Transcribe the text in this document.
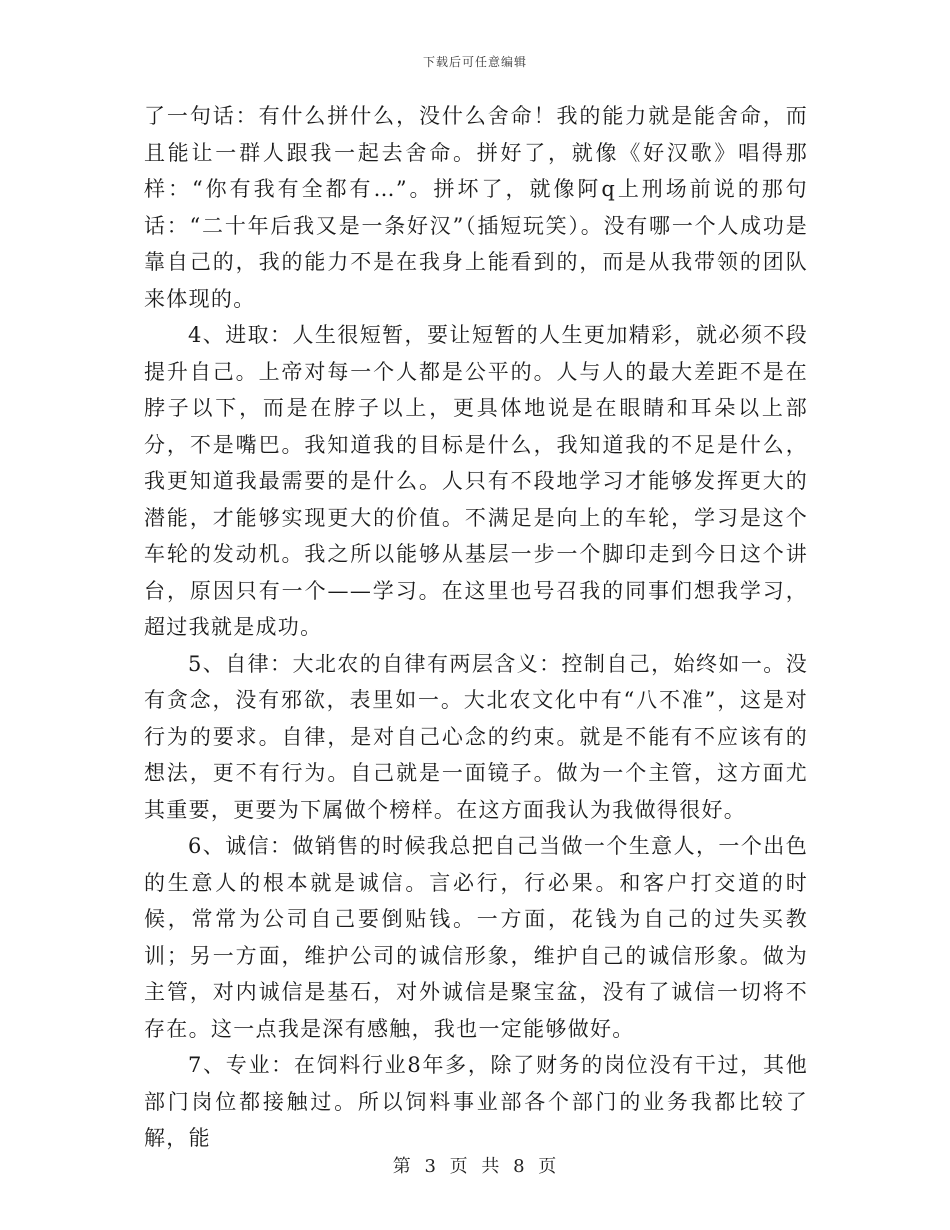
下载后可任意编辑

了一句话：有什么拼什么，没什么舍命！我的能力就是能舍命，而且能让一群人跟我一起去舍命。拼好了，就像《好汉歌》唱得那样：“你有我有全都有…”。拼坏了，就像阿q上刑场前说的那句话：“二十年后我又是一条好汉”（插短玩笑）。没有哪一个人成功是靠自己的，我的能力不是在我身上能看到的，而是从我带领的团队来体现的。

4、进取：人生很短暂，要让短暂的人生更加精彩，就必须不段提升自己。上帝对每一个人都是公平的。人与人的最大差距不是在脖子以下，而是在脖子以上，更具体地说是在眼睛和耳朵以上部分，不是嘴巴。我知道我的目标是什么，我知道我的不足是什么，我更知道我最需要的是什么。人只有不段地学习才能够发挥更大的潜能，才能够实现更大的价值。不满足是向上的车轮，学习是这个车轮的发动机。我之所以能够从基层一步一个脚印走到今日这个讲台，原因只有一个——学习。在这里也号召我的同事们想我学习，超过我就是成功。

5、自律：大北农的自律有两层含义：控制自己，始终如一。没有贪念，没有邪欲，表里如一。大北农文化中有“八不准”，这是对行为的要求。自律，是对自己心念的约束。就是不能有不应该有的想法，更不有行为。自己就是一面镜子。做为一个主管，这方面尤其重要，更要为下属做个榜样。在这方面我认为我做得很好。

6、诚信：做销售的时候我总把自己当做一个生意人，一个出色的生意人的根本就是诚信。言必行，行必果。和客户打交道的时候，常常为公司自己要倒贴钱。一方面，花钱为自己的过失买教训；另一方面，维护公司的诚信形象，维护自己的诚信形象。做为主管，对内诚信是基石，对外诚信是聚宝盆，没有了诚信一切将不存在。这一点我是深有感触，我也一定能够做好。

7、专业：在饲料行业8年多，除了财务的岗位没有干过，其他部门岗位都接触过。所以饲料事业部各个部门的业务我都比较了解，能

第 3 页 共 8 页
